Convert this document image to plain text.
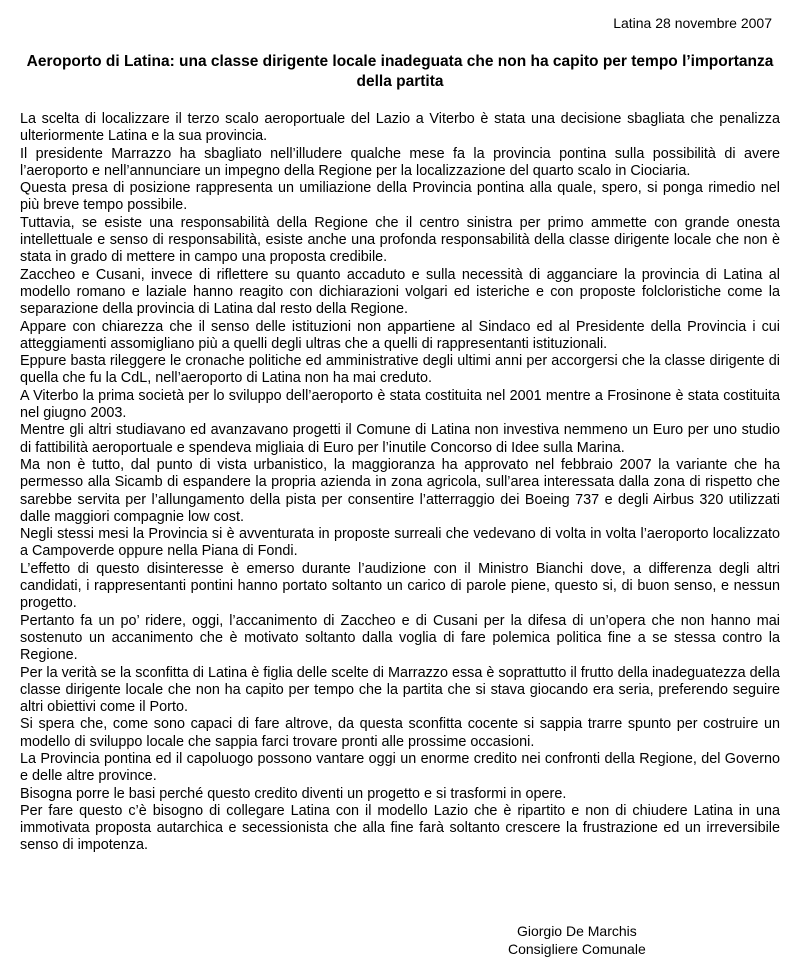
Latina 28 novembre 2007
Aeroporto di Latina: una classe dirigente locale inadeguata che non ha capito per tempo l’importanza della partita

La scelta di localizzare il terzo scalo aeroportuale del Lazio a Viterbo è stata una decisione sbagliata che penalizza ulteriormente Latina e la sua provincia.

Il presidente Marrazzo ha sbagliato nell’illudere qualche mese fa la provincia pontina sulla possibilità di avere l’aeroporto e nell’annunciare un impegno della Regione per la localizzazione del quarto scalo in Ciociaria.

Questa presa di posizione rappresenta un umiliazione della Provincia pontina alla quale, spero, si ponga rimedio nel più breve tempo possibile.

Tuttavia, se esiste una responsabilità della Regione che il centro sinistra per primo ammette con grande onesta intellettuale e senso di responsabilità, esiste anche una profonda responsabilità della classe dirigente locale che non è stata in grado di mettere in campo una proposta credibile.

Zaccheo e Cusani, invece di riflettere su quanto accaduto e sulla necessità di agganciare la provincia di Latina al modello romano e laziale hanno reagito con dichiarazioni volgari ed isteriche e con proposte folcloristiche come la separazione della provincia di Latina dal resto della Regione.

Appare con chiarezza che il senso delle istituzioni non appartiene al Sindaco ed al Presidente della Provincia i cui atteggiamenti assomigliano più a quelli degli ultras che a quelli di rappresentanti istituzionali.

Eppure basta rileggere le cronache politiche ed amministrative degli ultimi anni per accorgersi che la classe dirigente di quella che fu la CdL, nell’aeroporto di Latina non ha mai creduto.

A Viterbo la prima società per lo sviluppo dell’aeroporto è stata costituita nel 2001 mentre a Frosinone è stata costituita nel giugno 2003.

Mentre gli altri studiavano ed avanzavano progetti il Comune di Latina non investiva nemmeno un Euro per uno studio di fattibilità aeroportuale e spendeva migliaia di Euro per l’inutile Concorso di Idee sulla Marina.

Ma non è tutto, dal punto di vista urbanistico, la maggioranza ha approvato nel febbraio 2007 la variante che ha permesso alla Sicamb di espandere la propria azienda in zona agricola, sull’area interessata dalla zona di rispetto che sarebbe servita per l’allungamento della pista per consentire l’atterraggio dei Boeing 737 e degli Airbus 320 utilizzati dalle maggiori compagnie low cost.

Negli stessi mesi la Provincia si è avventurata in proposte surreali che vedevano di volta in volta l’aeroporto localizzato a Campoverde oppure nella Piana di Fondi.

L’effetto di questo disinteresse è emerso durante l’audizione con il Ministro Bianchi dove, a differenza degli altri candidati, i rappresentanti pontini hanno portato soltanto un carico di parole piene, questo si, di buon senso, e nessun progetto.

Pertanto fa un po’ ridere, oggi, l’accanimento di Zaccheo e di Cusani per la difesa di un’opera che non hanno mai sostenuto un accanimento che è motivato soltanto dalla voglia di fare polemica politica fine a se stessa contro la Regione.

Per la verità se la sconfitta di Latina è figlia delle scelte di Marrazzo essa è soprattutto il frutto della inadeguatezza della classe dirigente locale che non ha capito per tempo che la partita che si stava giocando era seria, preferendo seguire altri obiettivi come il Porto.

Si spera che, come sono capaci di fare altrove, da questa sconfitta cocente si sappia trarre spunto per costruire un modello di sviluppo locale che sappia farci trovare pronti alle prossime occasioni.

La Provincia pontina ed il capoluogo possono vantare oggi un enorme credito nei confronti della Regione, del Governo e delle altre province.

Bisogna porre le basi perché questo credito diventi un progetto e si trasformi in opere.

Per fare questo c’è bisogno di collegare Latina con il modello Lazio che è ripartito e non di chiudere Latina in una immotivata proposta autarchica e secessionista che alla fine farà soltanto crescere la frustrazione ed un irreversibile senso di impotenza.

Giorgio De Marchis
Consigliere Comunale
